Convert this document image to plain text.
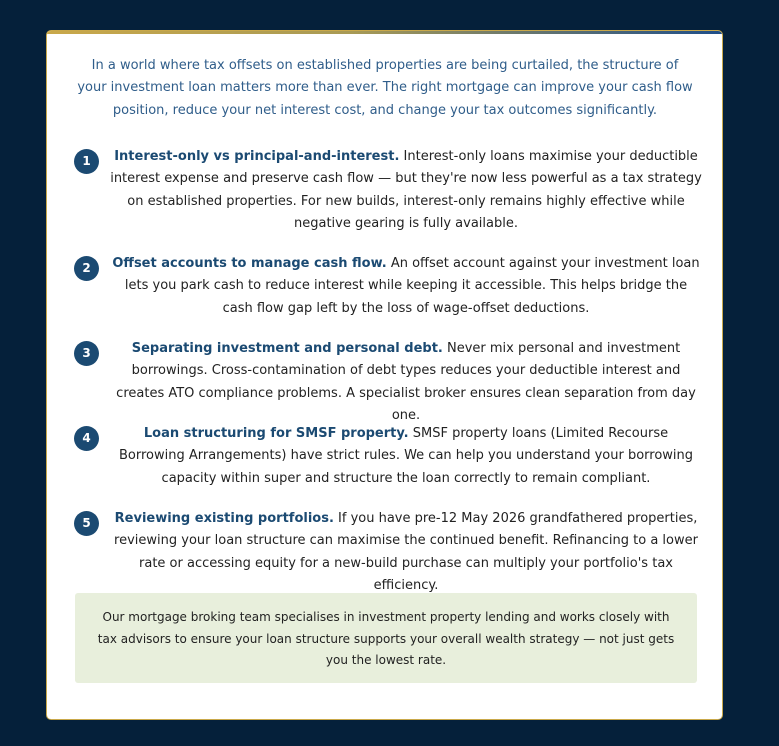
In a world where tax offsets on established properties are being curtailed, the structure of your investment loan matters more than ever. The right mortgage can improve your cash flow position, reduce your net interest cost, and change your tax outcomes significantly.

1	Interest-only vs principal-and-interest. Interest-only loans maximise your deductible interest expense and preserve cash flow — but they're now less powerful as a tax strategy on established properties. For new builds, interest-only remains highly effective while negative gearing is fully available.

2	Offset accounts to manage cash flow. An offset account against your investment loan lets you park cash to reduce interest while keeping it accessible. This helps bridge the cash flow gap left by the loss of wage-offset deductions.

3	Separating investment and personal debt. Never mix personal and investment borrowings. Cross-contamination of debt types reduces your deductible interest and creates ATO compliance problems. A specialist broker ensures clean separation from day one.

4	Loan structuring for SMSF property. SMSF property loans (Limited Recourse Borrowing Arrangements) have strict rules. We can help you understand your borrowing capacity within super and structure the loan correctly to remain compliant.

5	Reviewing existing portfolios. If you have pre-12 May 2026 grandfathered properties, reviewing your loan structure can maximise the continued benefit. Refinancing to a lower rate or accessing equity for a new-build purchase can multiply your portfolio's tax efficiency.

Our mortgage broking team specialises in investment property lending and works closely with tax advisors to ensure your loan structure supports your overall wealth strategy — not just gets you the lowest rate.
